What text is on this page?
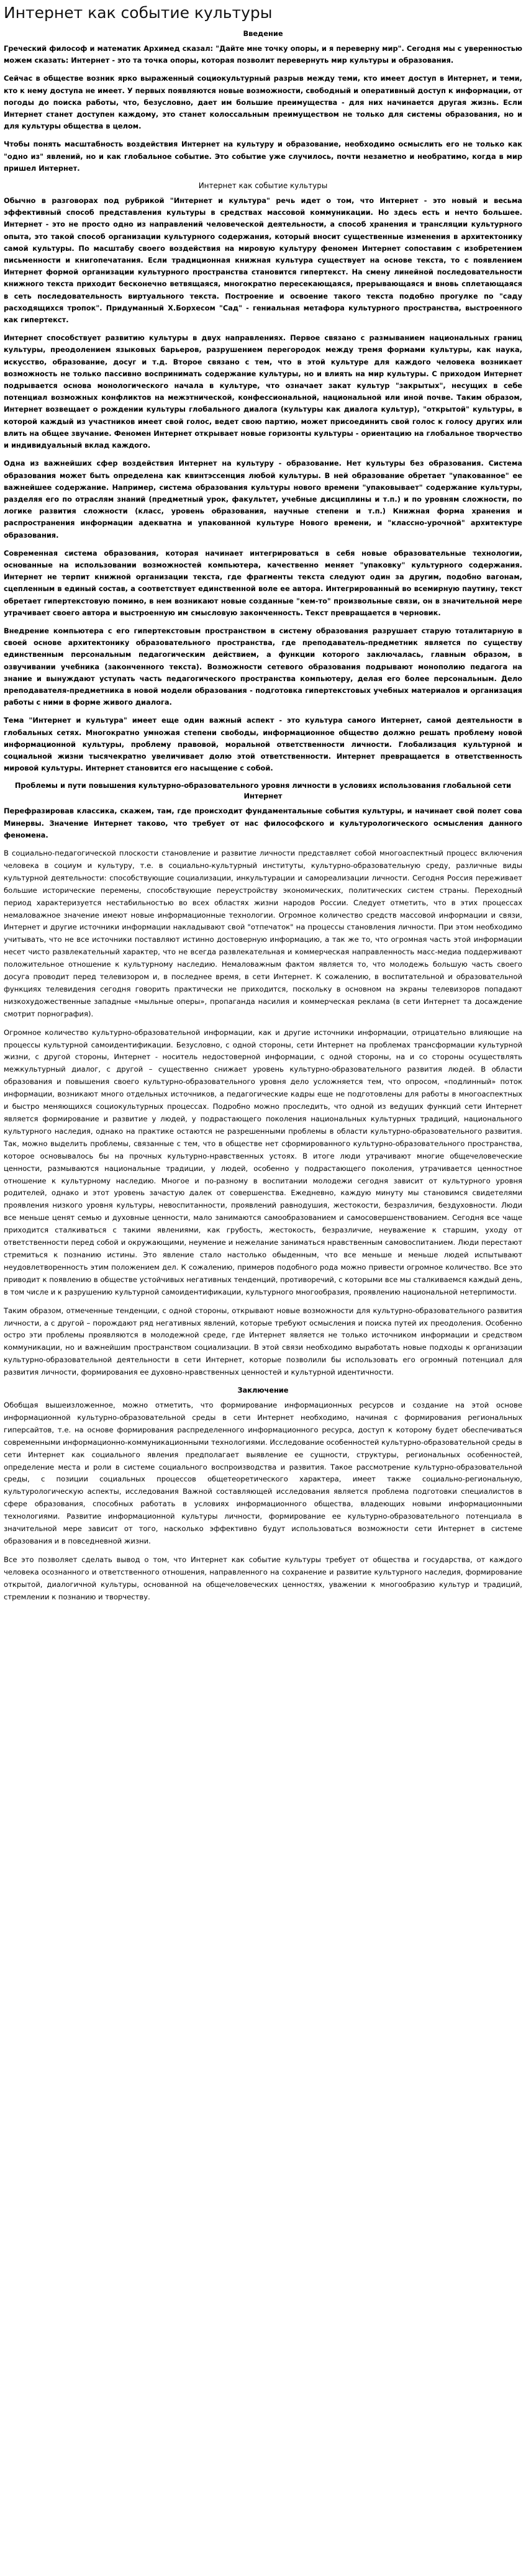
Интернет как событие культуры
Введение

Греческий философ и математик Архимед сказал: "Дайте мне точку опоры, и я переверну мир". Сегодня мы с уверенностью можем сказать: Интернет - это та точка опоры, которая позволит перевернуть мир культуры и образования.

Сейчас в обществе возник ярко выраженный социокультурный разрыв между теми, кто имеет доступ в Интернет, и теми, кто к нему доступа не имеет. У первых появляются новые возможности, свободный и оперативный доступ к информации, от погоды до поиска работы, что, безусловно, дает им большие преимущества - для них начинается другая жизнь. Если Интернет станет доступен каждому, это станет колоссальным преимуществом не только для системы образования, но и для культуры общества в целом.

Чтобы понять масштабность воздействия Интернет на культуру и образование, необходимо осмыслить его не только как "одно из" явлений, но и как глобальное событие. Это событие уже случилось, почти незаметно и необратимо, когда в мир пришел Интернет.

Интернет как событие культуры

Обычно в разговорах под рубрикой "Интернет и культура" речь идет о том, что Интернет - это новый и весьма эффективный способ представления культуры в средствах массовой коммуникации. Но здесь есть и нечто большее. Интернет - это не просто одно из направлений человеческой деятельности, а способ хранения и трансляции культурного опыта, это такой способ организации культурного содержания, который вносит существенные изменения в архитектонику самой культуры. По масштабу своего воздействия на мировую культуру феномен Интернет сопоставим с изобретением письменности и книгопечатания. Если традиционная книжная культура существует на основе текста, то с появлением Интернет формой организации культурного пространства становится гипертекст. На смену линейной последовательности книжного текста приходит бесконечно ветвящаяся, многократно пересекающаяся, прерывающаяся и вновь сплетающаяся в сеть последовательность виртуального текста. Построение и освоение такого текста подобно прогулке по "саду расходящихся тропок". Придуманный Х.Борхесом "Сад" - гениальная метафора культурного пространства, выстроенного как гипертекст.

Интернет способствует развитию культуры в двух направлениях. Первое связано с размыванием национальных границ культуры, преодолением языковых барьеров, разрушением перегородок между тремя формами культуры, как наука, искусство, образование, досуг и т.д. Второе связано с тем, что в этой культуре для каждого человека возникает возможность не только пассивно воспринимать содержание культуры, но и влиять на мир культуры. С приходом Интернет подрывается основа монологического начала в культуре, что означает закат культур "закрытых", несущих в себе потенциал возможных конфликтов на межэтнической, конфессиональной, национальной или иной почве. Таким образом, Интернет возвещает о рождении культуры глобального диалога (культуры как диалога культур), "открытой" культуры, в которой каждый из участников имеет свой голос, ведет свою партию, может присоединить свой голос к голосу других или влить на общее звучание. Феномен Интернет открывает новые горизонты культуры - ориентацию на глобальное творчество и индивидуальный вклад каждого.

Одна из важнейших сфер воздействия Интернет на культуру - образование. Нет культуры без образования. Система образования может быть определена как квинтэссенция любой культуры. В ней образование обретает "упакованное" ее важнейшее содержание. Например, система образования культуры нового времени "упаковывает" содержание культуры, разделяя его по отраслям знаний (предметный урок, факультет, учебные дисциплины и т.п.) и по уровням сложности, по логике развития сложности (класс, уровень образования, научные степени и т.п.) Книжная форма хранения и распространения информации адекватна и упакованной культуре Нового времени, и "классно-урочной" архитектуре образования.

Современная система образования, которая начинает интегрироваться в себя новые образовательные технологии, основанные на использовании возможностей компьютера, качественно меняет "упаковку" культурного содержания. Интернет не терпит книжной организации текста, где фрагменты текста следуют один за другим, подобно вагонам, сцепленным в единый состав, а соответствует единственной воле ее автора. Интегрированный во всемирную паутину, текст обретает гипертекстовую помимо, в нем возникают новые созданные "кем-то" произвольные связи, он в значительной мере утрачивает своего автора и выстроенную им смысловую законченность. Текст превращается в черновик.

Внедрение компьютера с его гипертекстовым пространством в систему образования разрушает старую тоталитарную в своей основе архитектонику образовательного пространства, где преподаватель-предметник является по существу единственным персональным педагогическим действием, а функции которого заключалась, главным образом, в озвучивании учебника (законченного текста). Возможности сетевого образования подрывают монополию педагога на знание и вынуждают уступать часть педагогического пространства компьютеру, делая его более персональным. Дело преподавателя-предметника в новой модели образования - подготовка гипертекстовых учебных материалов и организация работы с ними в форме живого диалога.

Тема "Интернет и культура" имеет еще один важный аспект - это культура самого Интернет, самой деятельности в глобальных сетях. Многократно умножая степени свободы, информационное общество должно решать проблему новой информационной культуры, проблему правовой, моральной ответственности личности. Глобализация культурной и социальной жизни тысячекратно увеличивает долю этой ответственности. Интернет превращается в ответственность мировой культуры. Интернет становится его насыщение с собой.

Проблемы и пути повышения культурно-образовательного уровня личности в условиях использования глобальной сети Интернет

Перефразировав классика, скажем, там, где происходит фундаментальные события культуры, и начинает свой полет сова Минервы. Значение Интернет таково, что требует от нас философского и культурологического осмысления данного феномена.

В социально-педагогической плоскости становление и развитие личности представляет собой многоаспектный процесс включения человека в социум и культуру, т.е. в социально-культурный институты, культурно-образовательную среду, различные виды культурной деятельности: способствующие социализации, инкультурации и самореализации личности. Сегодня Россия переживает большие исторические перемены, способствующие переустройству экономических, политических систем страны. Переходный период характеризуется нестабильностью во всех областях жизни народов России. Следует отметить, что в этих процессах немаловажное значение имеют новые информационные технологии. Огромное количество средств массовой информации и связи, Интернет и другие источники информации накладывают свой "отпечаток" на процессы становления личности. При этом необходимо учитывать, что не все источники поставляют истинно достоверную информацию, а так же то, что огромная часть этой информации несет чисто развлекательный характер, что не всегда развлекательная и коммерческая направленность масс-медиа поддерживают положительное отношение к культурному наследию. Немаловажным фактом является то, что молодежь большую часть своего досуга проводит перед телевизором и, в последнее время, в сети Интернет. К сожалению, в воспитательной и образовательной функциях телевидения сегодня говорить практически не приходится, поскольку в основном на экраны телевизоров попадают низкохудожественные западные «мыльные оперы», пропаганда насилия и коммерческая реклама (в сети Интернет та досаждение смотрит порнография).

Огромное количество культурно-образовательной информации, как и другие источники информации, отрицательно влияющие на процессы культурной самоидентификации. Безусловно, с одной стороны, сети Интернет на проблемах трансформации культурной жизни, с другой стороны, Интернет - носитель недостоверной информации, с одной стороны, на и со стороны осуществлять межкультурный диалог, с другой – существенно снижает уровень культурно-образовательного развития людей. В области образования и повышения своего культурно-образовательного уровня дело усложняется тем, что опросом, «подлинный» поток информации, возникают много отдельных источников, а педагогические кадры еще не подготовлены для работы в многоаспектных и быстро меняющихся социокультурных процессах. Подробно можно проследить, что одной из ведущих функций сети Интернет является формирование и развитие у людей, у подрастающего поколения национальных культурных традиций, национального культурного наследия, однако на практике остаются не разрешенными проблемы в области культурно-образовательного развития. Так, можно выделить проблемы, связанные с тем, что в обществе нет сформированного культурно-образовательного пространства, которое основывалось бы на прочных культурно-нравственных устоях. В итоге люди утрачивают многие общечеловеческие ценности, размываются национальные традиции, у людей, особенно у подрастающего поколения, утрачивается ценностное отношение к культурному наследию. Многое и по-разному в воспитании молодежи сегодня зависит от культурного уровня родителей, однако и этот уровень зачастую далек от совершенства. Ежедневно, каждую минуту мы становимся свидетелями проявления низкого уровня культуры, невоспитанности, проявлений равнодушия, жестокости, безразличия, бездуховности. Люди все меньше ценят семью и духовные ценности, мало занимаются самообразованием и самосовершенствованием. Сегодня все чаще приходится сталкиваться с такими явлениями, как грубость, жестокость, безразличие, неуважение к старшим, уходу от ответственности перед собой и окружающими, неумение и нежелание заниматься нравственным самовоспитанием. Люди перестают стремиться к познанию истины. Это явление стало настолько обыденным, что все меньше и меньше людей испытывают неудовлетворенность этим положением дел. К сожалению, примеров подобного рода можно привести огромное количество. Все это приводит к появлению в обществе устойчивых негативных тенденций, противоречий, с которыми все мы сталкиваемся каждый день, в том числе и к разрушению культурной самоидентификации, культурного многообразия, проявлению национальной нетерпимости.

Таким образом, отмеченные тенденции, с одной стороны, открывают новые возможности для культурно-образовательного развития личности, а с другой – порождают ряд негативных явлений, которые требуют осмысления и поиска путей их преодоления. Особенно остро эти проблемы проявляются в молодежной среде, где Интернет является не только источником информации и средством коммуникации, но и важнейшим пространством социализации. В этой связи необходимо выработать новые подходы к организации культурно-образовательной деятельности в сети Интернет, которые позволили бы использовать его огромный потенциал для развития личности, формирования ее духовно-нравственных ценностей и культурной идентичности.

Заключение

Обобщая вышеизложенное, можно отметить, что формирование информационных ресурсов и создание на этой основе информационной культурно-образовательной среды в сети Интернет необходимо, начиная с формирования региональных гиперсайтов, т.е. на основе формирования распределенного информационного ресурса, доступ к которому будет обеспечиваться современными информационно-коммуникационными технологиями. Исследование особенностей культурно-образовательной среды в сети Интернет как социального явления предполагает выявление ее сущности, структуры, региональных особенностей, определение места и роли в системе социального воспроизводства и развития. Такое рассмотрение культурно-образовательной среды, с позиции социальных процессов общетеоретического характера, имеет также социально-региональную, культурологическую аспекты, исследования Важной составляющей исследования является проблема подготовки специалистов в сфере образования, способных работать в условиях информационного общества, владеющих новыми информационными технологиями. Развитие информационной культуры личности, формирование ее культурно-образовательного потенциала в значительной мере зависит от того, насколько эффективно будут использоваться возможности сети Интернет в системе образования и в повседневной жизни.

Все это позволяет сделать вывод о том, что Интернет как событие культуры требует от общества и государства, от каждого человека осознанного и ответственного отношения, направленного на сохранение и развитие культурного наследия, формирование открытой, диалогичной культуры, основанной на общечеловеческих ценностях, уважении к многообразию культур и традиций, стремлении к познанию и творчеству.
